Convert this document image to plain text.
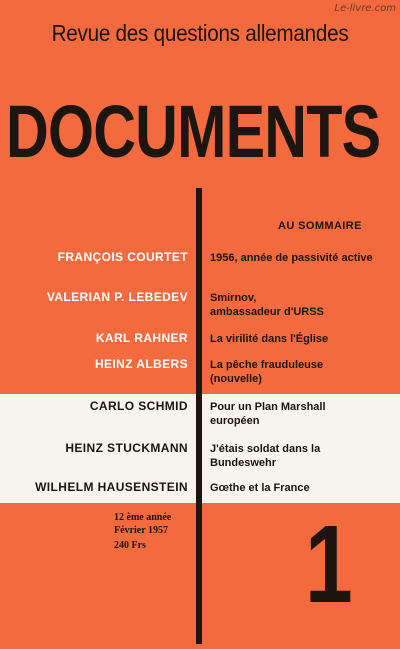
Le-livre.com
Revue des questions allemandes
DOCUMENTS
AU SOMMAIRE
FRANÇOIS COURTET 1956, année de passivité active
VALERIAN P. LEBEDEV Smirnov, ambassadeur d'URSS
KARL RAHNER La virilité dans l'Église
HEINZ ALBERS La pêche frauduleuse (nouvelle)
CARLO SCHMID Pour un Plan Marshall européen
HEINZ STUCKMANN J'étais soldat dans la Bundeswehr
WILHELM HAUSENSTEIN Gœthe et la France
12 ème année
Février 1957
240 Frs 1
